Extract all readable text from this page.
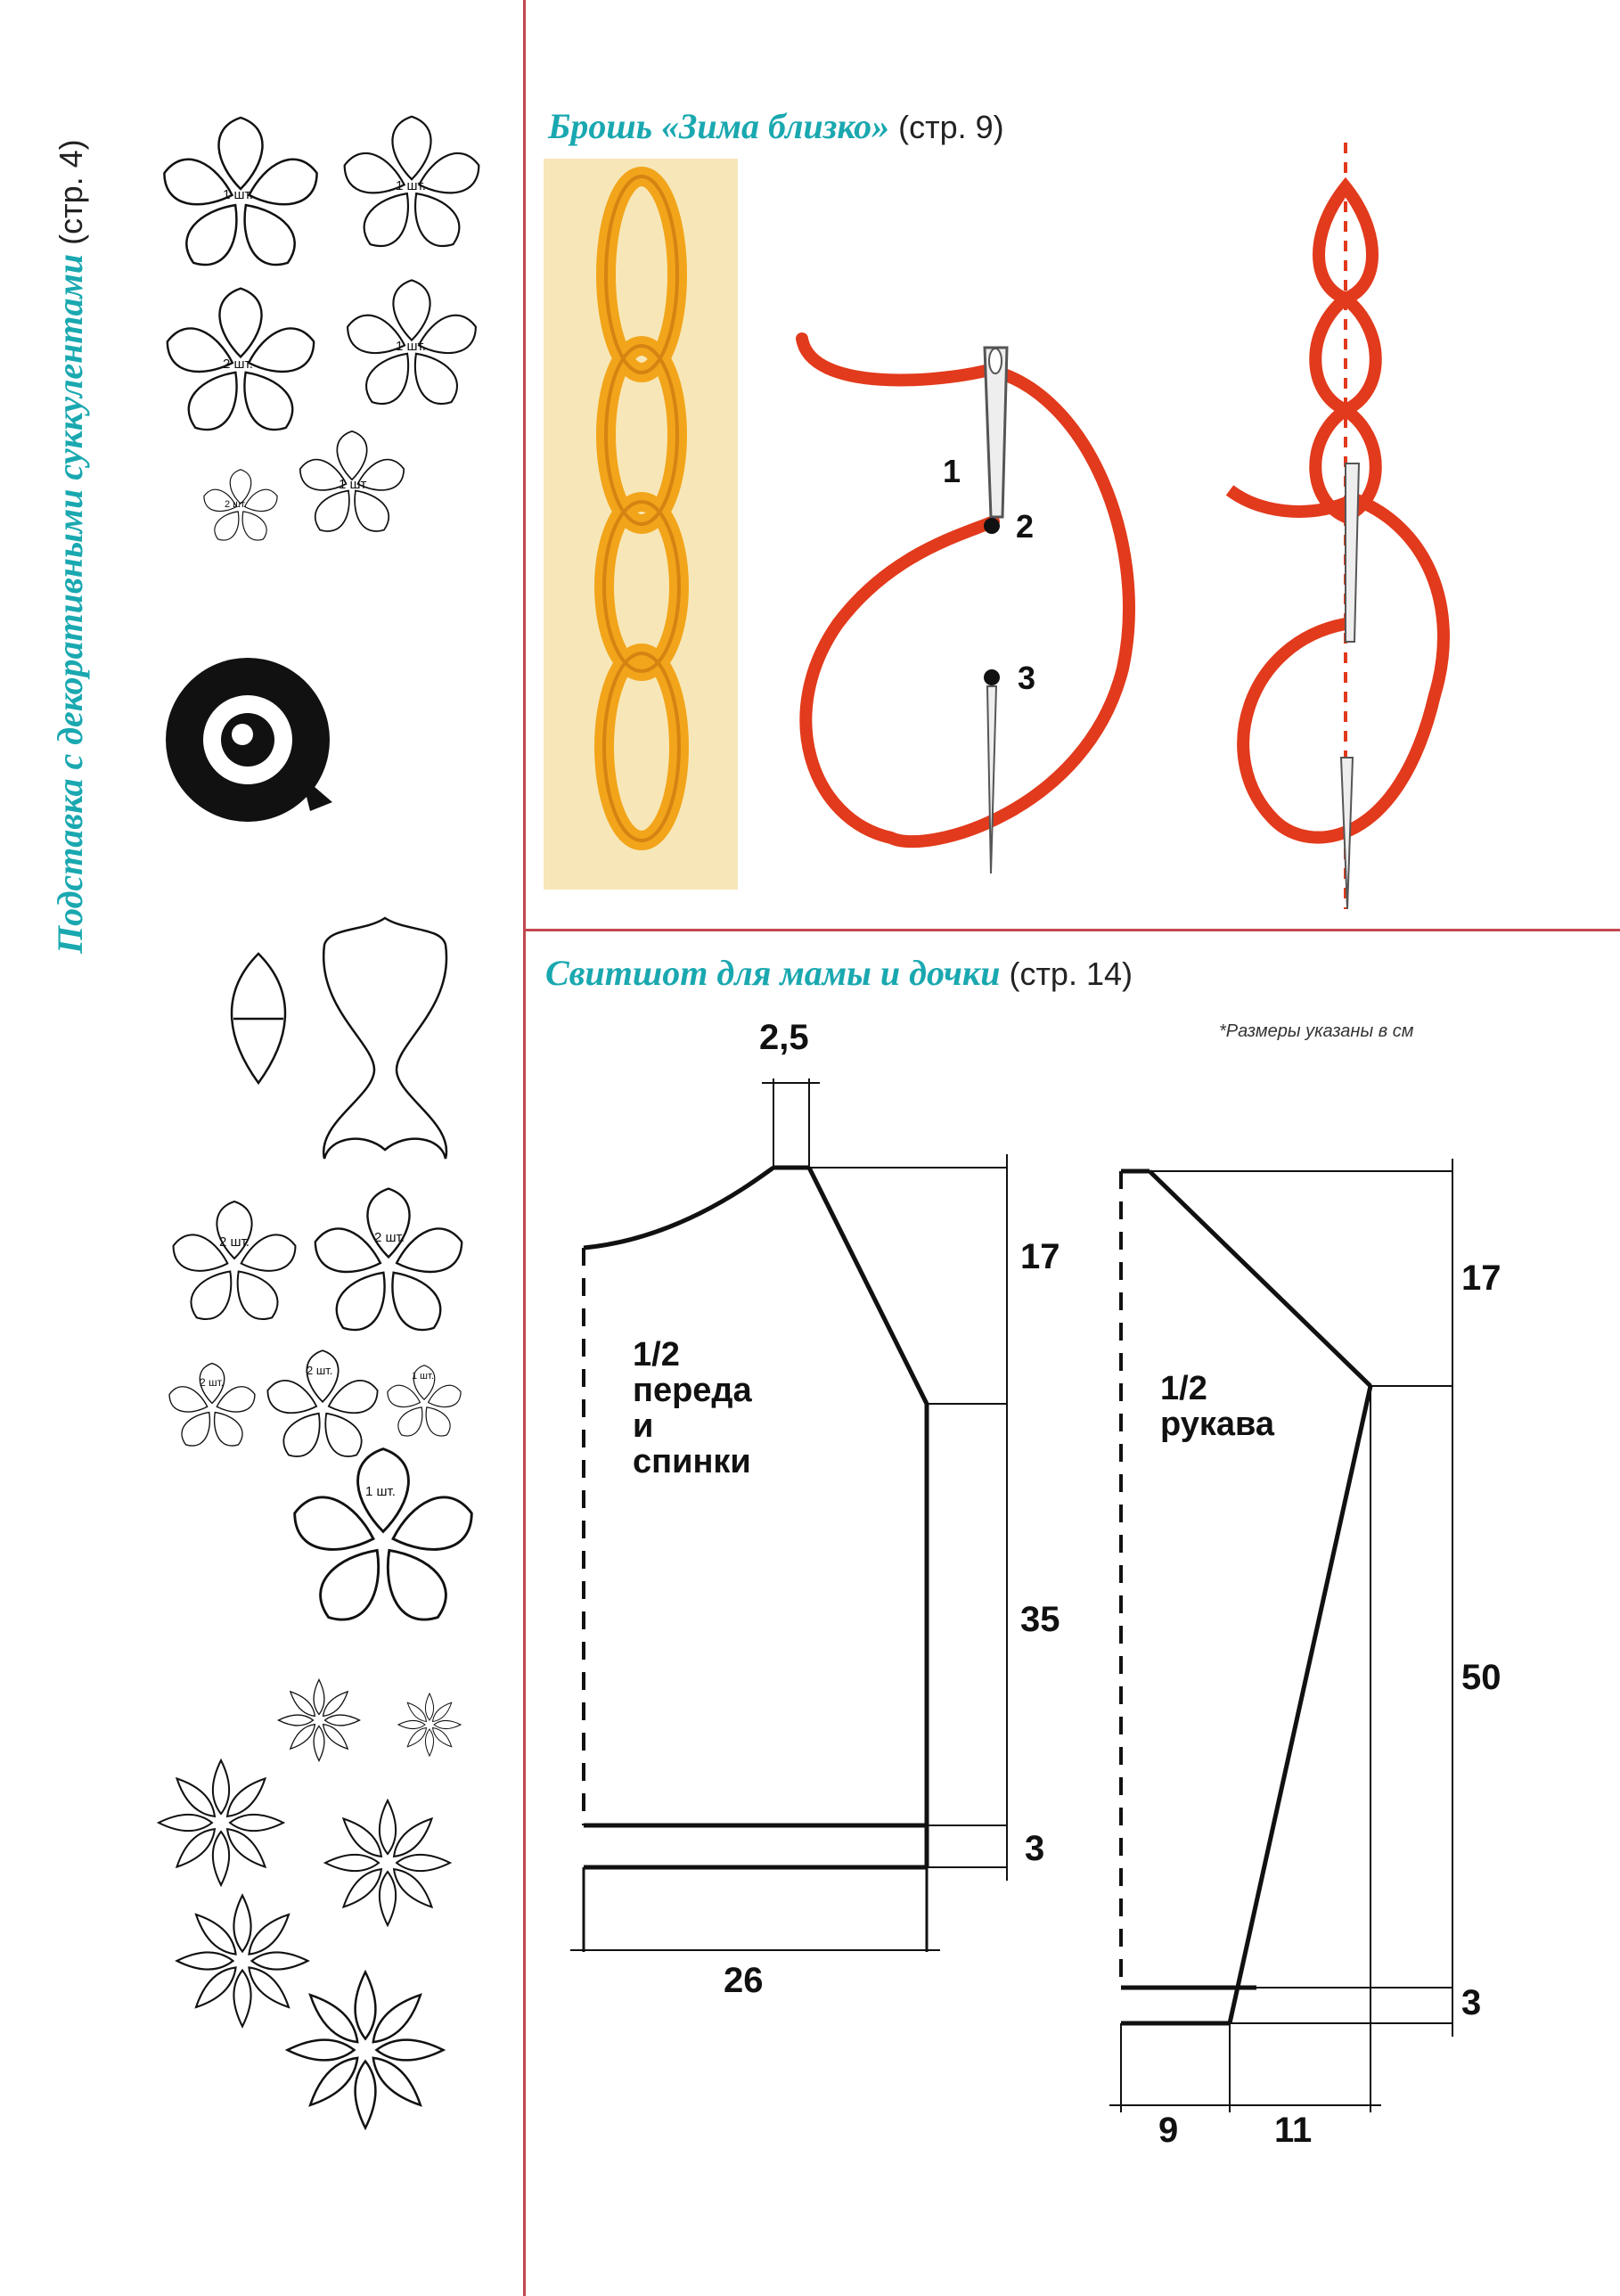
Подставка с декоративными суккулентами (стр. 4)	1 шт.
1 шт.
2 шт.
1 шт.
2 шт.
1 шт.
2 шт.	2 шт.
2 шт.
2 шт.	1 шт.
1 шт.
Брошь «Зима близко» (стр. 9)
1
2
3
Свитшот для мамы и дочки (стр. 14)
*Размеры указаны в см
1/2
переда
и
спинки
2,5
17
35
3
26
1/2
рукава
17
50
3
9	11
